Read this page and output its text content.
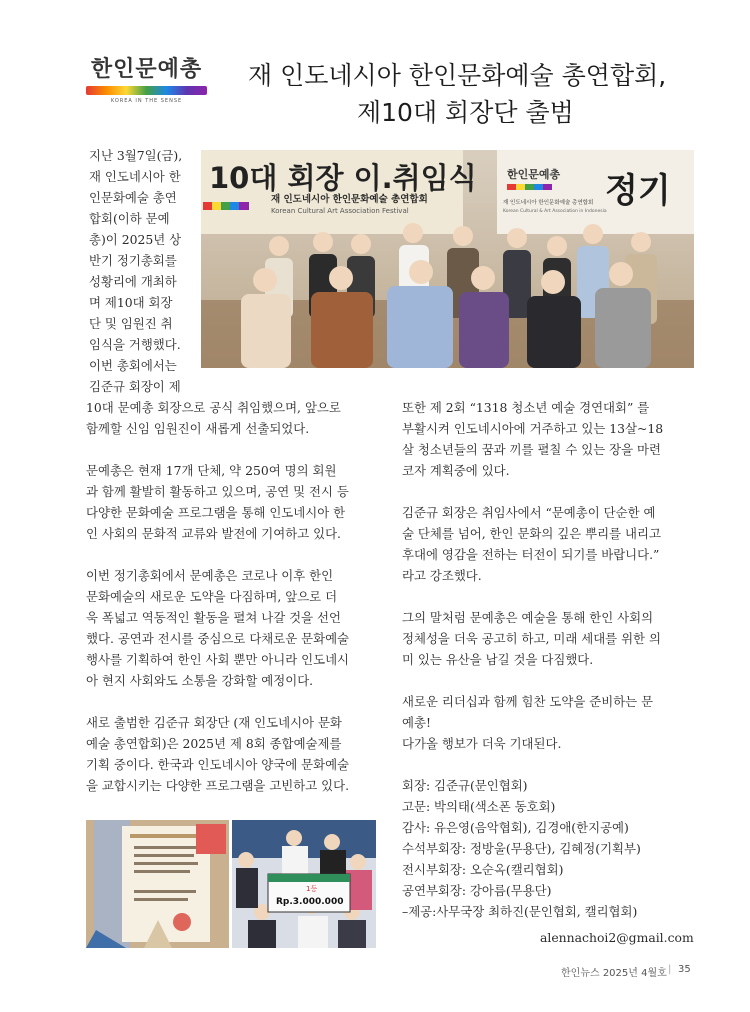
한인문예총
KOREA IN THE SENSE
재 인도네시아 한인문화예술 총연합회,
제10대 회장단 출범
10대 회장 이.취임식
재 인도네시아 한인문화예술 총연합회
Korean Cultural Art Association Festival
한인문예총
재 인도네시아 한인문화예술 총연합회
Korean Cultural & Art Association in Indonesia
정기
지난 3월7일(금),
재 인도네시아 한
인문화예술 총연
합회(이하 문예
총)이 2025년 상
반기 정기총회를
성황리에 개최하
며 제10대 회장
단 및 임원진 취
임식을 거행했다.
이번 총회에서는
김준규 회장이 제
10대 문예총 회장으로 공식 취임했으며, 앞으로
함께할 신임 임원진이 새롭게 선출되었다.
문예총은 현재 17개 단체, 약 250여 명의 회원
과 함께 활발히 활동하고 있으며, 공연 및 전시 등
다양한 문화예술 프로그램을 통해 인도네시아 한
인 사회의 문화적 교류와 발전에 기여하고 있다.
이번 정기총회에서 문예총은 코로나 이후 한인
문화예술의 새로운 도약을 다짐하며, 앞으로 더
욱 폭넓고 역동적인 활동을 펼쳐 나갈 것을 선언
했다. 공연과 전시를 중심으로 다채로운 문화예술
행사를 기획하여 한인 사회 뿐만 아니라 인도네시
아 현지 사회와도 소통을 강화할 예정이다.
새로 출범한 김준규 회장단 (재 인도네시아 문화
예술 총연합회)은 2025년 제 8회 종합예술제를
기획 중이다. 한국과 인도네시아 양국에 문화예술
을 교합시키는 다양한 프로그램을 고빈하고 있다.
또한 제 2회 “1318 청소년 예술 경연대회” 를
부활시켜 인도네시아에 거주하고 있는 13살~18
살 청소년들의 꿈과 끼를 펼칠 수 있는 장을 마련
코자 계획중에 있다.
김준규 회장은 취임사에서 “문예총이 단순한 예
술 단체를 넘어, 한인 문화의 깊은 뿌리를 내리고
후대에 영감을 전하는 터전이 되기를 바랍니다.”
라고 강조했다.
그의 말처럼 문예총은 예술을 통해 한인 사회의
정체성을 더욱 공고히 하고, 미래 세대를 위한 의
미 있는 유산을 남길 것을 다짐했다.
새로운 리더십과 함께 힘찬 도약을 준비하는 문
예총!
다가올 행보가 더욱 기대된다.
회장: 김준규(문인협회)
고문: 박의태(색소폰 동호회)
감사: 유은영(음악협회), 김경애(한지공예)
수석부회장: 정방울(무용단), 김혜정(기획부)
전시부회장: 오순옥(캘리협회)
공연부회장: 강아름(무용단)
–제공:사무국장 최하진(문인협회, 캘리협회)
alennachoi2@gmail.com
1등
Rp.3.000.000
한인뉴스 2025년 4월호 | 35
